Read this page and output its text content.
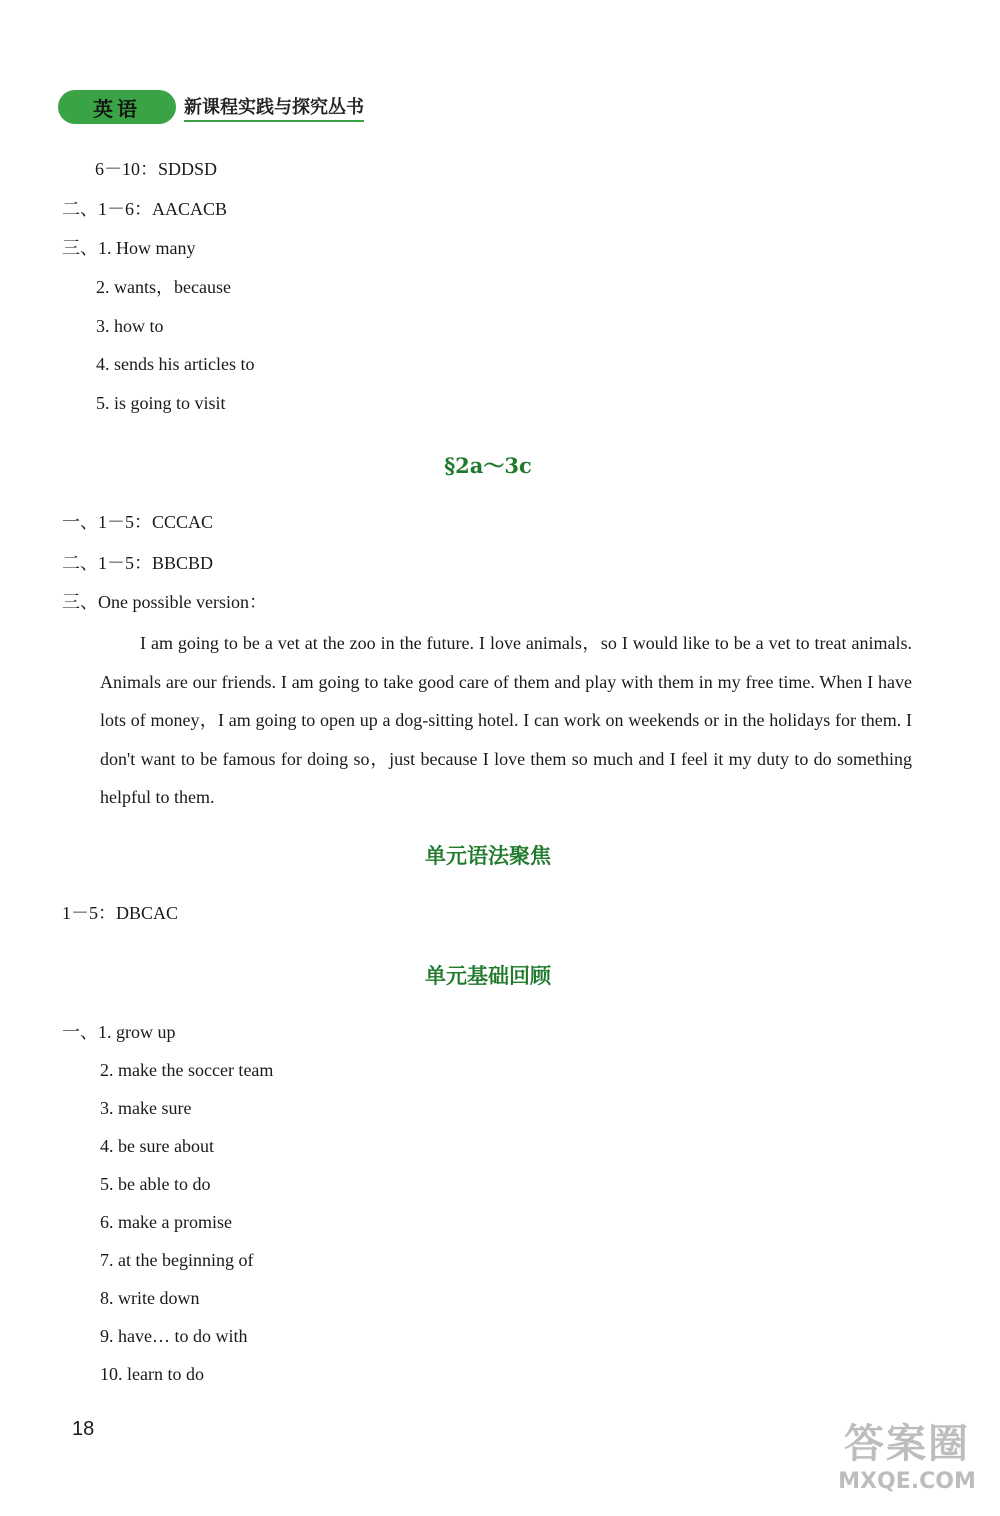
英语	新课程实践与探究丛书
6－10：SDDSD
二、1－6：AACACB
三、1. How many
2. wants，because
3. how to
4. sends his articles to
5. is going to visit
§2a～3c
一、1－5：CCCAC
二、1－5：BBCBD
三、One possible version：
I am going to be a vet at the zoo in the future. I love animals，so I would like to be a vet to treat animals. Animals are our friends. I am going to take good care of them and play with them in my free time. When I have lots of money，I am going to open up a dog-sitting hotel. I can work on weekends or in the holidays for them. I don't want to be famous for doing so，just because I love them so much and I feel it my duty to do something helpful to them.
单元语法聚焦
1－5：DBCAC
单元基础回顾
一、1. grow up
2. make the soccer team
3. make sure
4. be sure about
5. be able to do
6. make a promise
7. at the beginning of
8. write down
9. have… to do with
10. learn to do
18	答案圈
MXQE.COM
